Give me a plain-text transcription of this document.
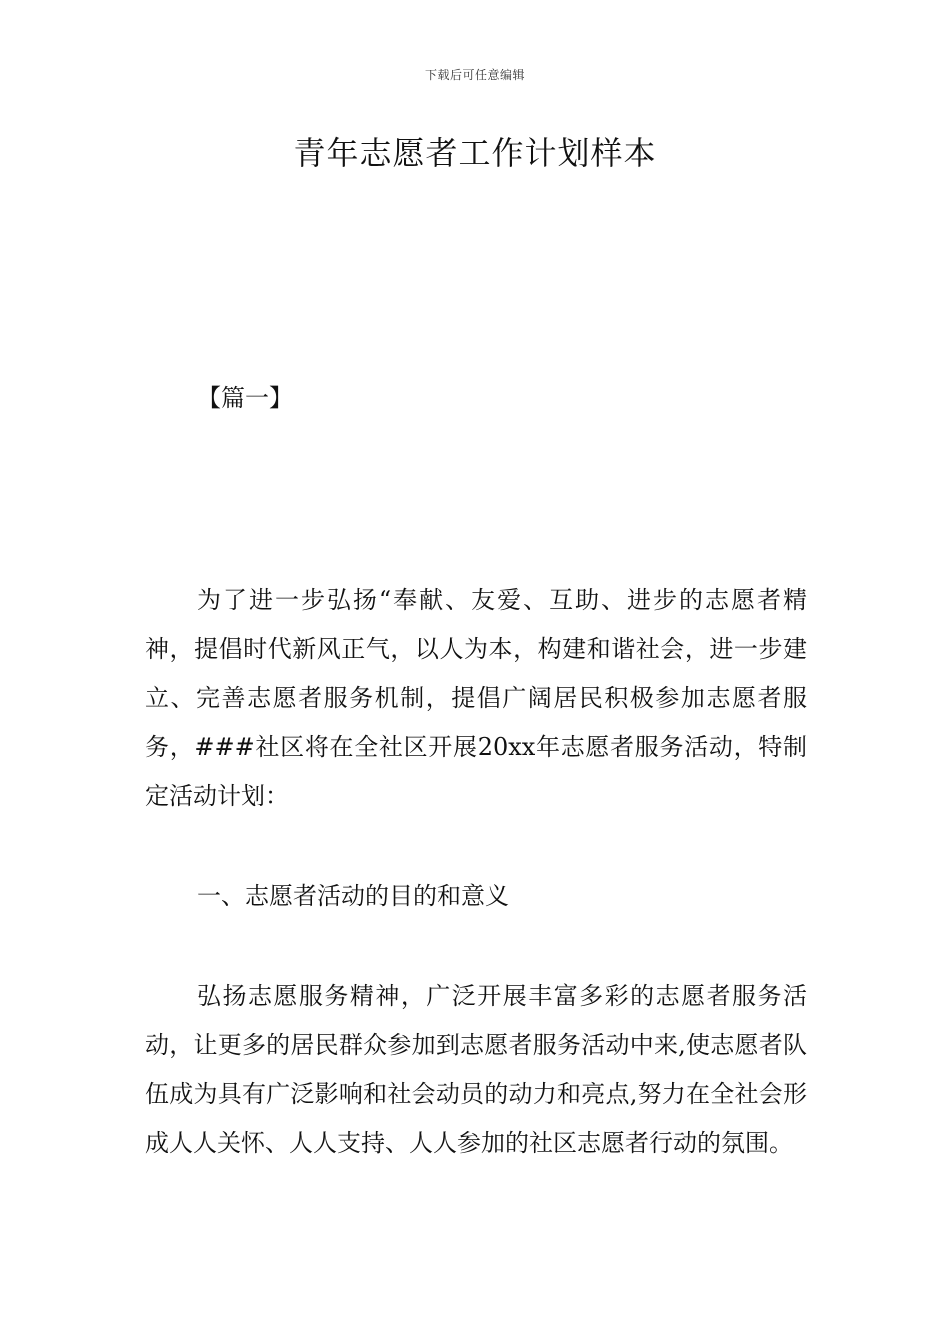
下载后可任意编辑
青年志愿者工作计划样本
【篇一】

为了进一步弘扬“奉献、友爱、互助、进步的志愿者精神，提倡时代新风正气，以人为本，构建和谐社会，进一步建立、完善志愿者服务机制，提倡广阔居民积极参加志愿者服务，###社区将在全社区开展20xx年志愿者服务活动，特制定活动计划：

一、志愿者活动的目的和意义

弘扬志愿服务精神，广泛开展丰富多彩的志愿者服务活动，让更多的居民群众参加到志愿者服务活动中来,使志愿者队伍成为具有广泛影响和社会动员的动力和亮点,努力在全社会形成人人关怀、人人支持、人人参加的社区志愿者行动的氛围。
